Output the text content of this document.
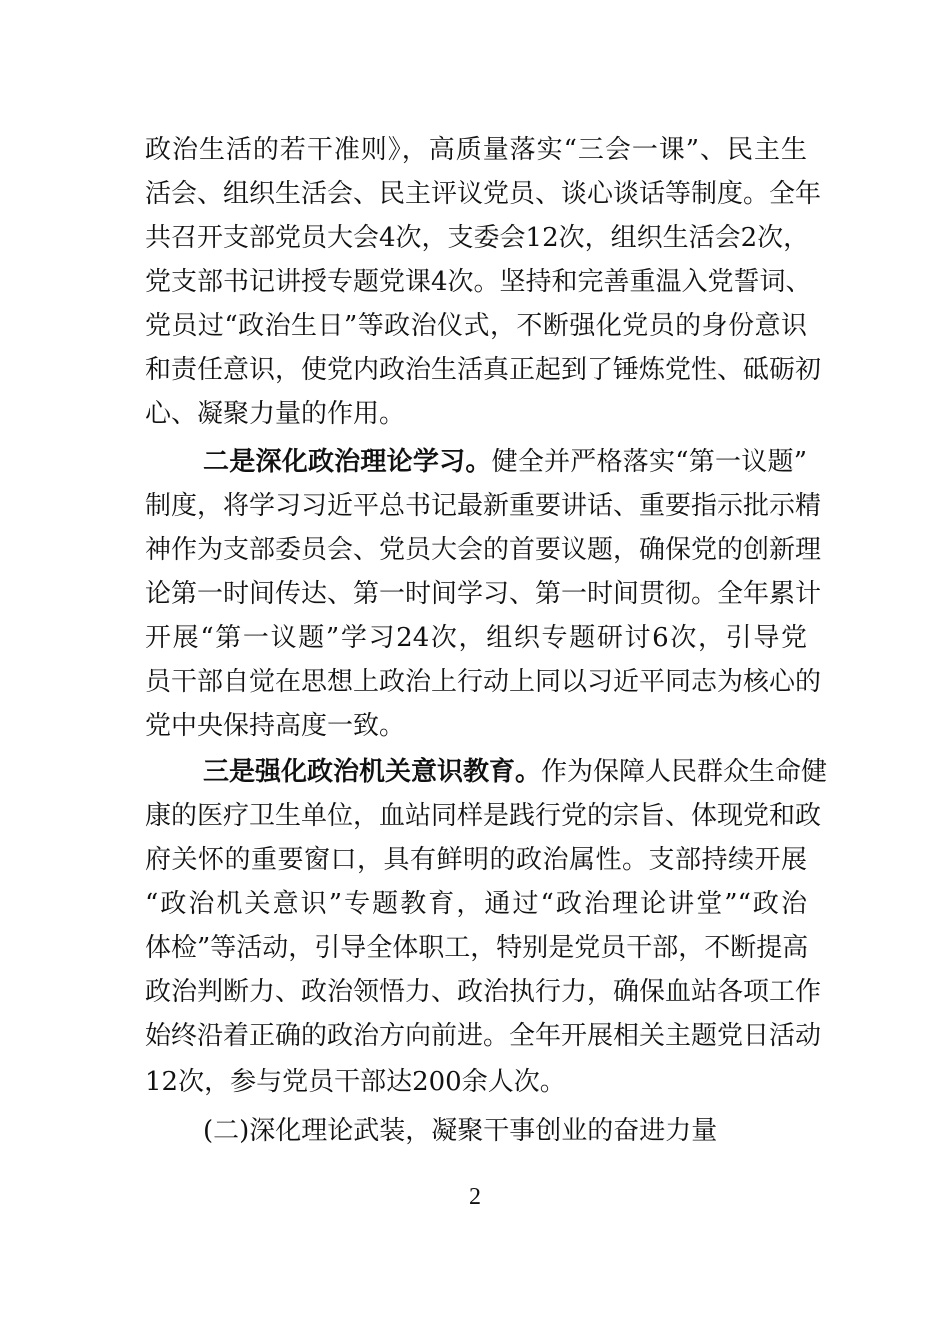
政治生活的若干准则》，高质量落实“三会一课”、民主生
活会、组织生活会、民主评议党员、谈心谈话等制度。全年
共召开支部党员大会4次，支委会12次，组织生活会2次，
党支部书记讲授专题党课4次。坚持和完善重温入党誓词、
党员过“政治生日”等政治仪式，不断强化党员的身份意识
和责任意识，使党内政治生活真正起到了锤炼党性、砥砺初
心、凝聚力量的作用。
二是深化政治理论学习。健全并严格落实“第一议题”
制度，将学习习近平总书记最新重要讲话、重要指示批示精
神作为支部委员会、党员大会的首要议题，确保党的创新理
论第一时间传达、第一时间学习、第一时间贯彻。全年累计
开展“第一议题”学习24次，组织专题研讨6次，引导党
员干部自觉在思想上政治上行动上同以习近平同志为核心的
党中央保持高度一致。
三是强化政治机关意识教育。作为保障人民群众生命健
康的医疗卫生单位，血站同样是践行党的宗旨、体现党和政
府关怀的重要窗口，具有鲜明的政治属性。支部持续开展
“政治机关意识”专题教育，通过“政治理论讲堂”“政治
体检”等活动，引导全体职工，特别是党员干部，不断提高
政治判断力、政治领悟力、政治执行力，确保血站各项工作
始终沿着正确的政治方向前进。全年开展相关主题党日活动
12次，参与党员干部达200余人次。
(二)深化理论武装，凝聚干事创业的奋进力量
2
